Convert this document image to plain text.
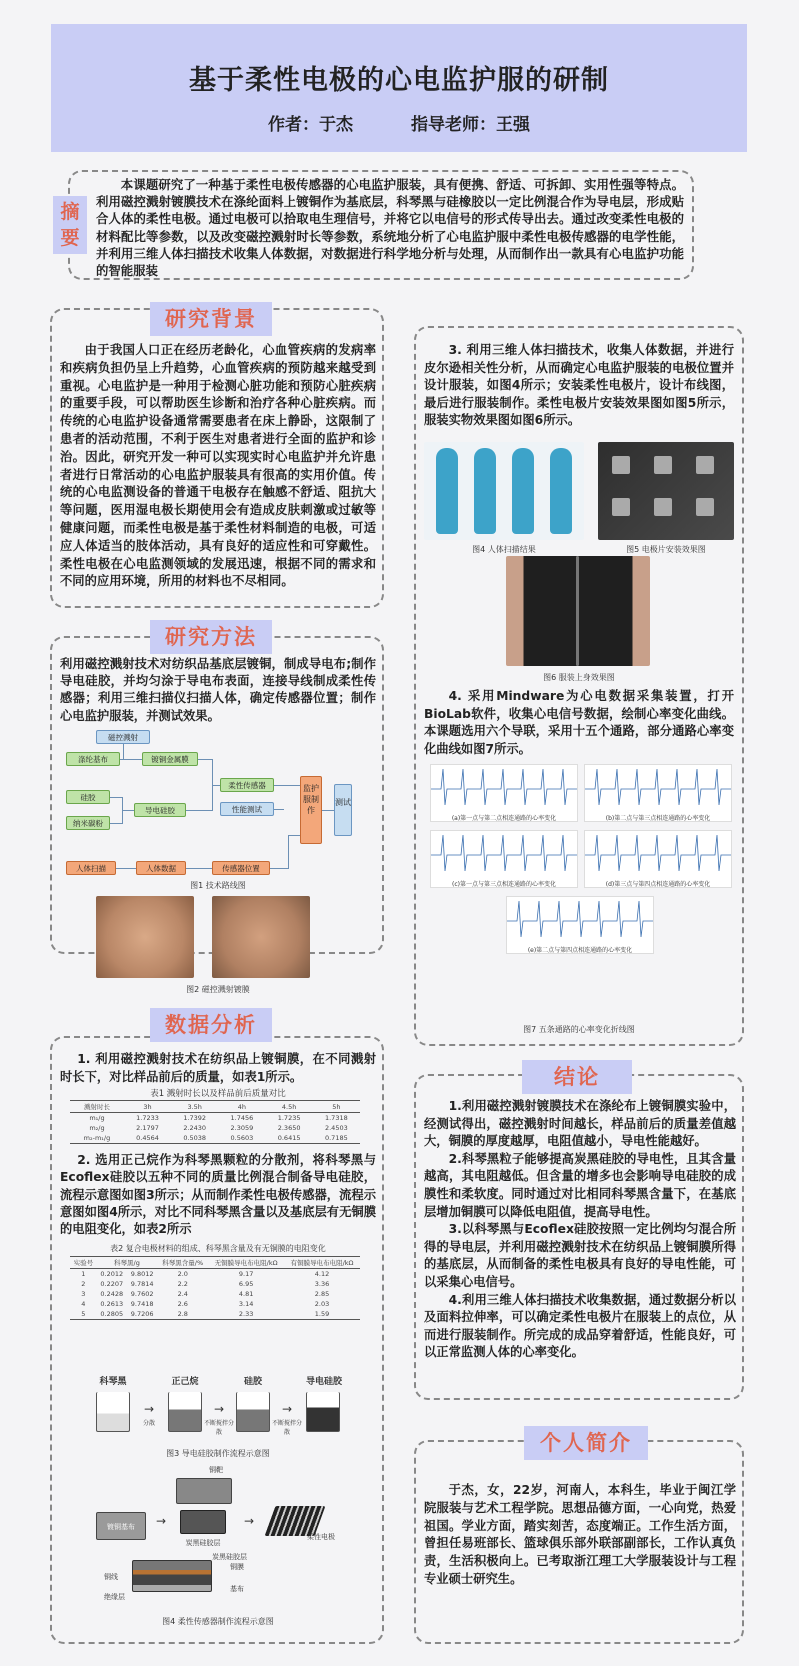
基于柔性电极的心电监护服的研制
作者：于杰	指导老师：王强
摘要
本课题研究了一种基于柔性电极传感器的心电监护服装，具有便携、舒适、可拆卸、实用性强等特点。利用磁控溅射镀膜技术在涤纶面料上镀铜作为基底层，科琴黑与硅橡胶以一定比例混合作为导电层，形成贴合人体的柔性电极。通过电极可以拾取电生理信号，并将它以电信号的形式传导出去。通过改变柔性电极的材料配比等参数，以及改变磁控溅射时长等参数，系统地分析了心电监护服中柔性电极传感器的电学性能，并利用三维人体扫描技术收集人体数据，对数据进行科学地分析与处理，从而制作出一款具有心电监护功能的智能服装
研究背景
由于我国人口正在经历老龄化，心血管疾病的发病率和疾病负担仍呈上升趋势，心血管疾病的预防越来越受到重视。心电监护是一种用于检测心脏功能和预防心脏疾病的重要手段，可以帮助医生诊断和治疗各种心脏疾病。而传统的心电监护设备通常需要患者在床上静卧，这限制了患者的活动范围，不利于医生对患者进行全面的监护和诊治。因此，研究开发一种可以实现实时心电监护并允许患者进行日常活动的心电监护服装具有很高的实用价值。传统的心电监测设备的普通干电极存在触感不舒适、阻抗大等问题，医用湿电极长期使用会有造成皮肤刺激或过敏等健康问题，而柔性电极是基于柔性材料制造的电极，可适应人体适当的肢体活动，具有良好的适应性和可穿戴性。柔性电极在心电监测领域的发展迅速，根据不同的需求和不同的应用环境，所用的材料也不尽相同。
研究方法
利用磁控溅射技术对纺织品基底层镀铜，制成导电布;制作导电硅胶，并均匀涂于导电布表面，连接导线制成柔性传感器；利用三维扫描仪扫描人体，确定传感器位置；制作心电监护服装，并测试效果。
磁控溅射
涤纶基布	镀铜金属膜
硅胶
纳米碳粉
导电硅胶
柔性传感器
性能测试
人体扫描	人体数据	传感器位置
监护服制作
测试
图1 技术路线图
图2 磁控溅射镀膜
数据分析
1. 利用磁控溅射技术在纺织品上镀铜膜，在不同溅射时长下，对比样品前后的质量，如表1所示。
表1 溅射时长以及样品前后质量对比
溅射时长	3h	3.5h	4h	4.5h	5h
m₁/g	1.7233	1.7392	1.7456	1.7235	1.7318
m₂/g	2.1797	2.2430	2.3059	2.3650	2.4503
m₂-m₁/g	0.4564	0.5038	0.5603	0.6415	0.7185
2. 选用正己烷作为科琴黑颗粒的分散剂，将科琴黑与Ecoflex硅胶以五种不同的质量比例混合制备导电硅胶，流程示意图如图3所示；从而制作柔性电极传感器，流程示意图如图4所示，对比不同科琴黑含量以及基底层有无铜膜的电阻变化，如表2所示
表2 复合电极材料的组成、科琴黑含量及有无铜膜的电阻变化
实验号	科琴黑/g		科琴黑含量/%	无铜膜导电布电阻/kΩ	有铜膜导电布电阻/kΩ
1	0.2012	9.8012	2.0	9.17	4.12
2	0.2207	9.7814	2.2	6.95	3.36
3	0.2428	9.7602	2.4	4.81	2.85
4	0.2613	9.7418	2.6	3.14	2.03
5	0.2805	9.7206	2.8	2.33	1.59
科琴黑	正己烷	硅胶	导电硅胶
→
分散
→
不断搅拌分散
→
不断搅拌分散
图3 导电硅胶制作流程示意图
铜靶
镀铜基布
炭黑硅胶层
柔性电极
→	→
炭黑硅胶层
铜膜
铜线
基布
绝缘层
图4 柔性传感器制作流程示意图
3. 利用三维人体扫描技术，收集人体数据，并进行皮尔逊相关性分析，从而确定心电监护服装的电极位置并设计服装，如图4所示；安装柔性电极片，设计布线图，最后进行服装制作。柔性电极片安装效果图如图5所示，服装实物效果图如图6所示。
图4 人体扫描结果	图5 电极片安装效果图
图6 服装上身效果图
4. 采用Mindware为心电数据采集装置，打开BioLab软件，收集心电信号数据，绘制心率变化曲线。本课题选用六个导联，采用十五个通路，部分通路心率变化曲线如图7所示。
(a)第一点与第二点相连通路的心率变化	(b)第二点与第三点相连通路的心率变化
(c)第一点与第三点相连通路的心率变化	(d)第三点与第四点相连通路的心率变化
(e)第二点与第四点相连通路的心率变化
图7 五条通路的心率变化折线图
结论
1.利用磁控溅射镀膜技术在涤纶布上镀铜膜实验中，经测试得出，磁控溅射时间越长，样品前后的质量差值越大，铜膜的厚度越厚，电阻值越小，导电性能越好。
2.科琴黑粒子能够提高炭黑硅胶的导电性，且其含量越高，其电阻越低。但含量的增多也会影响导电硅胶的成膜性和柔软度。同时通过对比相同科琴黑含量下，在基底层增加铜膜可以降低电阻值，提高导电性。
3.以科琴黑与Ecoflex硅胶按照一定比例均匀混合所得的导电层，并利用磁控溅射技术在纺织品上镀铜膜所得的基底层，从而制备的柔性电极具有良好的导电性能，可以采集心电信号。
4.利用三维人体扫描技术收集数据，通过数据分析以及面料拉伸率，可以确定柔性电极片在服装上的点位，从而进行服装制作。所完成的成品穿着舒适，性能良好，可以正常监测人体的心率变化。
个人简介
于杰，女，22岁，河南人，本科生，毕业于闽江学院服装与艺术工程学院。思想品德方面，一心向党，热爱祖国。学业方面，踏实刻苦，态度端正。工作生活方面，曾担任易班部长、篮球俱乐部外联部副部长，工作认真负责，生活积极向上。已考取浙江理工大学服装设计与工程专业硕士研究生。
